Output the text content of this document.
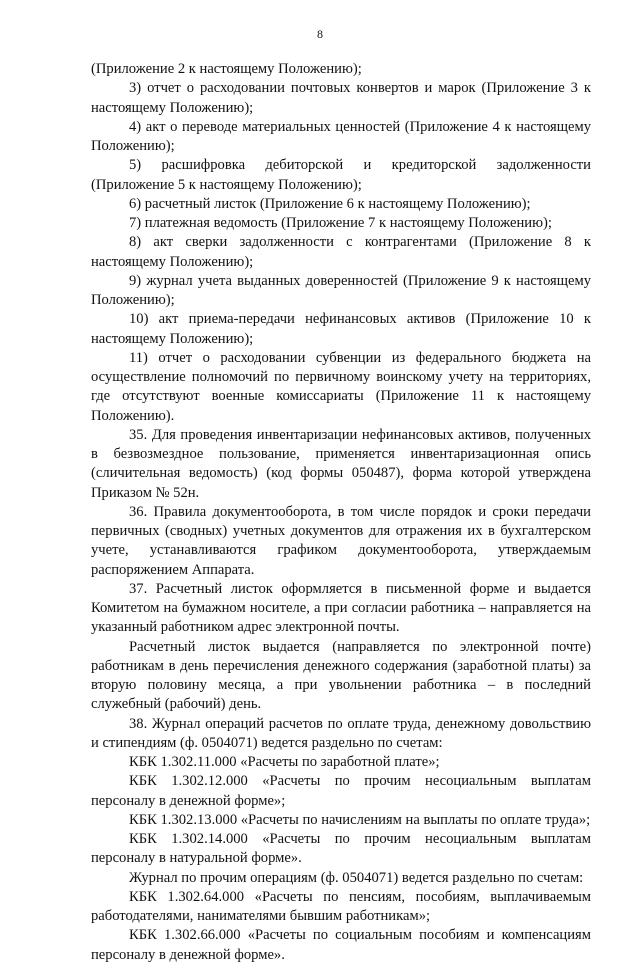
8

(Приложение 2 к настоящему Положению);

3) отчет о расходовании почтовых конвертов и марок (Приложение 3 к настоящему Положению);

4) акт о переводе материальных ценностей (Приложение 4 к настоящему Положению);

5) расшифровка дебиторской и кредиторской задолженности (Приложение 5 к настоящему Положению);

6) расчетный листок (Приложение 6 к настоящему Положению);

7) платежная ведомость (Приложение 7 к настоящему Положению);

8) акт сверки задолженности с контрагентами (Приложение 8 к настоящему Положению);

9) журнал учета выданных доверенностей (Приложение 9 к настоящему Положению);

10) акт приема-передачи нефинансовых активов (Приложение 10 к настоящему Положению);

11) отчет о расходовании субвенции из федерального бюджета на осуществление полномочий по первичному воинскому учету на территориях, где отсутствуют военные комиссариаты (Приложение 11 к настоящему Положению).

35. Для проведения инвентаризации нефинансовых активов, полученных в безвозмездное пользование, применяется инвентаризационная опись (сличительная ведомость) (код формы 050487), форма которой утверждена Приказом № 52н.

36. Правила документооборота, в том числе порядок и сроки передачи первичных (сводных) учетных документов для отражения их в бухгалтерском учете, устанавливаются графиком документооборота, утверждаемым распоряжением Аппарата.

37. Расчетный листок оформляется в письменной форме и выдается Комитетом на бумажном носителе, а при согласии работника – направляется на указанный работником адрес электронной почты.

Расчетный листок выдается (направляется по электронной почте) работникам в день перечисления денежного содержания (заработной платы) за вторую половину месяца, а при увольнении работника – в последний служебный (рабочий) день.

38. Журнал операций расчетов по оплате труда, денежному довольствию и стипендиям (ф. 0504071) ведется раздельно по счетам:

КБК 1.302.11.000 «Расчеты по заработной плате»;

КБК 1.302.12.000 «Расчеты по прочим несоциальным выплатам персоналу в денежной форме»;

КБК 1.302.13.000 «Расчеты по начислениям на выплаты по оплате труда»;

КБК 1.302.14.000 «Расчеты по прочим несоциальным выплатам персоналу в натуральной форме».

Журнал по прочим операциям (ф. 0504071) ведется раздельно по счетам:

КБК 1.302.64.000 «Расчеты по пенсиям, пособиям, выплачиваемым работодателями, нанимателями бывшим работникам»;

КБК 1.302.66.000 «Расчеты по социальным пособиям и компенсациям персоналу в денежной форме».
